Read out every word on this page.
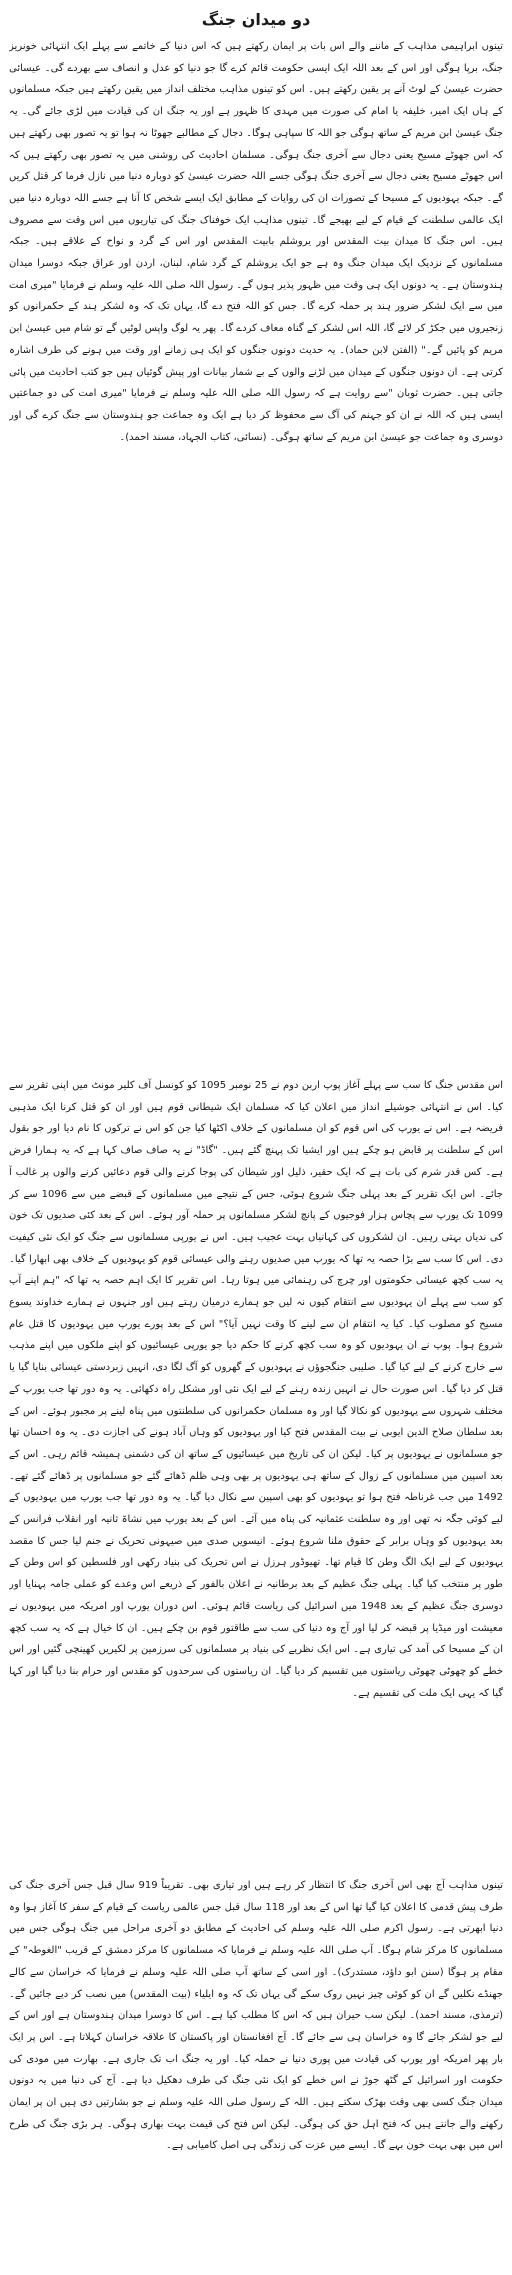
دو میدان جنگ

تینوں ابراہیمی مذاہب کے ماننے والے اس بات پر ایمان رکھتے ہیں کہ اس دنیا کے خاتمے سے پہلے ایک انتہائی خونریز جنگ، برپا ہوگی اور اس کے بعد اللہ ایک ایسی حکومت قائم کرے گا جو دنیا کو عدل و انصاف سے بھردے گی۔ عیسائی حضرت عیسیٰ کے لوٹ آنے پر یقین رکھتے ہیں۔ اس کو تینوں مذاہب مختلف انداز میں یقین رکھتے ہیں جبکہ مسلمانوں کے ہاں ایک امیر، خلیفہ یا امام کی صورت میں مہدی کا ظہور ہے اور یہ جنگ ان کی قیادت میں لڑی جائے گی۔ یہ جنگ عیسیٰ ابن مریم کے ساتھ ہوگی جو اللہ کا سپاہی ہوگا۔ دجال کے مطالبے جھوٹا نہ ہوا تو یہ تصور بھی رکھتے ہیں کہ اس جھوٹے مسیح یعنی دجال سے آخری جنگ ہوگی۔ مسلمان احادیث کی روشنی میں یہ تصور بھی رکھتے ہیں کہ اس جھوٹے مسیح یعنی دجال سے آخری جنگ ہوگی جسے اللہ حضرت عیسیٰ کو دوبارہ دنیا میں نازل فرما کر قتل کریں گے۔ جبکہ یہودیوں کے مسیحا کے تصورات ان کی روایات کے مطابق ایک ایسے شخص کا آنا ہے جسے اللہ دوبارہ دنیا میں ایک عالمی سلطنت کے قیام کے لیے بھیجے گا۔ تینوں مذاہب ایک خوفناک جنگ کی تیاریوں میں اس وقت سے مصروف ہیں۔ اس جنگ کا میدان بیت المقدس اور یروشلم بابیت المقدس اور اس کے گرد و نواح کے علاقے ہیں۔ جبکہ مسلمانوں کے نزدیک ایک میدان جنگ وہ ہے جو ایک یروشلم کے گرد شام، لبنان، اردن اور عراق جبکہ دوسرا میدان ہندوستان ہے۔ یہ دونوں ایک ہی وقت میں ظہور پذیر ہوں گے۔ رسول اللہ صلی اللہ علیہ وسلم نے فرمایا "میری امت میں سے ایک لشکر ضرور ہند پر حملہ کرے گا۔ جس کو اللہ فتح دے گا، یہاں تک کہ وہ لشکر ہند کے حکمرانوں کو زنجیروں میں جکڑ کر لائے گا، اللہ اس لشکر کے گناہ معاف کردے گا۔ پھر یہ لوگ واپس لوٹیں گے تو شام میں عیسیٰ ابن مریم کو پائیں گے۔" (الفتن لابن حماد)۔ یہ حدیث دونوں جنگوں کو ایک ہی زمانے اور وقت میں ہونے کی طرف اشارہ کرتی ہے۔ ان دونوں جنگوں کے میدان میں لڑنے والوں کے بے شمار بیانات اور پیش گوئیاں ہیں جو کتب احادیث میں پائی جاتی ہیں۔ حضرت ثوبان "سے روایت ہے کہ رسول اللہ صلی اللہ علیہ وسلم نے فرمایا "میری امت کی دو جماعتیں ایسی ہیں کہ اللہ نے ان کو جہنم کی آگ سے محفوظ کر دیا ہے ایک وہ جماعت جو ہندوستان سے جنگ کرے گی اور دوسری وہ جماعت جو عیسیٰ ابن مریم کے ساتھ ہوگی۔ (نسائی، کتاب الجہاد، مسند احمد)۔

اس مقدس جنگ کا سب سے پہلے آغاز پوپ اربن دوم نے 25 نومبر 1095 کو کونسل آف کلیر مونٹ میں اپنی تقریر سے کیا۔ اس نے انتہائی جوشیلے انداز میں اعلان کیا کہ مسلمان ایک شیطانی قوم ہیں اور ان کو قتل کرنا ایک مذہبی فریضہ ہے۔ اس نے یورپ کی اس قوم کو ان مسلمانوں کے خلاف اکٹھا کیا جن کو اس نے ترکوں کا نام دیا اور جو بقول اس کے سلطنت پر قابض ہو چکے ہیں اور ایشیا تک پہنچ گئے ہیں۔ "گاڈ" نے یہ صاف صاف کہا ہے کہ یہ ہمارا فرض ہے۔ کس قدر شرم کی بات ہے کہ ایک حقیر، ذلیل اور شیطان کی پوجا کرنے والی قوم دعائیں کرنے والوں پر غالب آ جائے۔ اس ایک تقریر کے بعد پہلی جنگ شروع ہوئی، جس کے نتیجے میں مسلمانوں کے قبضے میں سے 1096 سے کر 1099 تک یورپ سے پچاس ہزار فوجیوں کے پانچ لشکر مسلمانوں پر حملہ آور ہوئے۔ اس کے بعد کئی صدیوں تک خون کی ندیاں بہتی رہیں۔ ان لشکروں کی کہانیاں بہت عجیب ہیں۔ اس نے یورپی مسلمانوں سے جنگ کو ایک نئی کیفیت دی۔ اس کا سب سے بڑا حصہ یہ تھا کہ یورپ میں صدیوں رہنے والی عیسائی قوم کو یہودیوں کے خلاف بھی ابھارا گیا۔ یہ سب کچھ عیسائی حکومتوں اور چرچ کی رہنمائی میں ہوتا رہا۔ اس تقریر کا ایک اہم حصہ یہ تھا کہ "ہم اپنے آپ کو سب سے پہلے ان یہودیوں سے انتقام کیوں نہ لیں جو ہمارے درمیان رہتے ہیں اور جنہوں نے ہمارے خداوند یسوع مسیح کو مصلوب کیا۔ کیا یہ انتقام ان سے لینے کا وقت نہیں آیا؟" اس کے بعد پورے یورپ میں یہودیوں کا قتل عام شروع ہوا۔ پوپ نے ان یہودیوں کو وہ سب کچھ کرنے کا حکم دیا جو یورپی عیسائیوں کو اپنے ملکوں میں اپنے مذہب سے خارج کرنے کے لیے کیا گیا۔ صلیبی جنگجوؤں نے یہودیوں کے گھروں کو آگ لگا دی، انہیں زبردستی عیسائی بنایا گیا یا قتل کر دیا گیا۔ اس صورت حال نے انہیں زندہ رہنے کے لیے ایک نئی اور مشکل راہ دکھائی۔ یہ وہ دور تھا جب یورپ کے مختلف شہروں سے یہودیوں کو نکالا گیا اور وہ مسلمان حکمرانوں کی سلطنتوں میں پناہ لینے پر مجبور ہوئے۔ اس کے بعد سلطان صلاح الدین ایوبی نے بیت المقدس فتح کیا اور یہودیوں کو وہاں آباد ہونے کی اجازت دی۔ یہ وہ احسان تھا جو مسلمانوں نے یہودیوں پر کیا۔ لیکن ان کی تاریخ میں عیسائیوں کے ساتھ ان کی دشمنی ہمیشہ قائم رہی۔ اس کے بعد اسپین میں مسلمانوں کے زوال کے ساتھ ہی یہودیوں پر بھی وہی ظلم ڈھائے گئے جو مسلمانوں پر ڈھائے گئے تھے۔ 1492 میں جب غرناطہ فتح ہوا تو یہودیوں کو بھی اسپین سے نکال دیا گیا۔ یہ وہ دور تھا جب یورپ میں یہودیوں کے لیے کوئی جگہ نہ تھی اور وہ سلطنت عثمانیہ کی پناہ میں آئے۔ اس کے بعد یورپ میں نشاۃ ثانیہ اور انقلاب فرانس کے بعد یہودیوں کو وہاں برابر کے حقوق ملنا شروع ہوئے۔ انیسویں صدی میں صیہونی تحریک نے جنم لیا جس کا مقصد یہودیوں کے لیے ایک الگ وطن کا قیام تھا۔ تھیوڈور ہرزل نے اس تحریک کی بنیاد رکھی اور فلسطین کو اس وطن کے طور پر منتخب کیا گیا۔ پہلی جنگ عظیم کے بعد برطانیہ نے اعلان بالفور کے ذریعے اس وعدے کو عملی جامہ پہنایا اور دوسری جنگ عظیم کے بعد 1948 میں اسرائیل کی ریاست قائم ہوئی۔ اس دوران یورپ اور امریکہ میں یہودیوں نے معیشت اور میڈیا پر قبضہ کر لیا اور آج وہ دنیا کی سب سے طاقتور قوم بن چکے ہیں۔ ان کا خیال ہے کہ یہ سب کچھ ان کے مسیحا کی آمد کی تیاری ہے۔ اس ایک نظریے کی بنیاد پر مسلمانوں کی سرزمین پر لکیریں کھینچی گئیں اور اس خطے کو چھوٹی چھوٹی ریاستوں میں تقسیم کر دیا گیا۔ ان ریاستوں کی سرحدوں کو مقدس اور حرام بنا دیا گیا اور کہا گیا کہ یہی ایک ملت کی تقسیم ہے۔

تینوں مذاہب آج بھی اس آخری جنگ کا انتظار کر رہے ہیں اور تیاری بھی۔ تقریباً 919 سال قبل جس آخری جنگ کی طرف پیش قدمی کا اعلان کیا گیا تھا اس کے بعد اور 118 سال قبل جس عالمی ریاست کے قیام کے سفر کا آغاز ہوا وہ دنیا ابھرتی ہے۔ رسول اکرم صلی اللہ علیہ وسلم کی احادیث کے مطابق دو آخری مراحل میں جنگ ہوگی جس میں مسلمانوں کا مرکز شام ہوگا۔ آپ صلی اللہ علیہ وسلم نے فرمایا کہ مسلمانوں کا مرکز دمشق کے قریب "الغوطہ" کے مقام پر ہوگا (سنن ابو داؤد، مستدرک)۔ اور اسی کے ساتھ آپ صلی اللہ علیہ وسلم نے فرمایا کہ خراسان سے کالے جھنڈے نکلیں گے ان کو کوئی چیز نہیں روک سکے گی یہاں تک کہ وہ ایلیاء (بیت المقدس) میں نصب کر دیے جائیں گے۔ (ترمذی، مسند احمد)۔ لیکن سب حیران ہیں کہ اس کا مطلب کیا ہے۔ اس کا دوسرا میدان ہندوستان ہے اور اس کے لیے جو لشکر جائے گا وہ خراسان ہی سے جائے گا۔ آج افغانستان اور پاکستان کا علاقہ خراسان کہلاتا ہے۔ اس پر ایک بار پھر امریکہ اور یورپ کی قیادت میں پوری دنیا نے حملہ کیا۔ اور یہ جنگ اب تک جاری ہے۔ بھارت میں مودی کی حکومت اور اسرائیل کے گٹھ جوڑ نے اس خطے کو ایک نئی جنگ کی طرف دھکیل دیا ہے۔ آج کی دنیا میں یہ دونوں میدان جنگ کسی بھی وقت بھڑک سکتے ہیں۔ اللہ کے رسول صلی اللہ علیہ وسلم نے جو بشارتیں دی ہیں ان پر ایمان رکھنے والے جانتے ہیں کہ فتح اہل حق کی ہوگی۔ لیکن اس فتح کی قیمت بہت بھاری ہوگی۔ ہر بڑی جنگ کی طرح اس میں بھی بہت خون بہے گا۔ ایسے میں عزت کی زندگی ہی اصل کامیابی ہے۔
